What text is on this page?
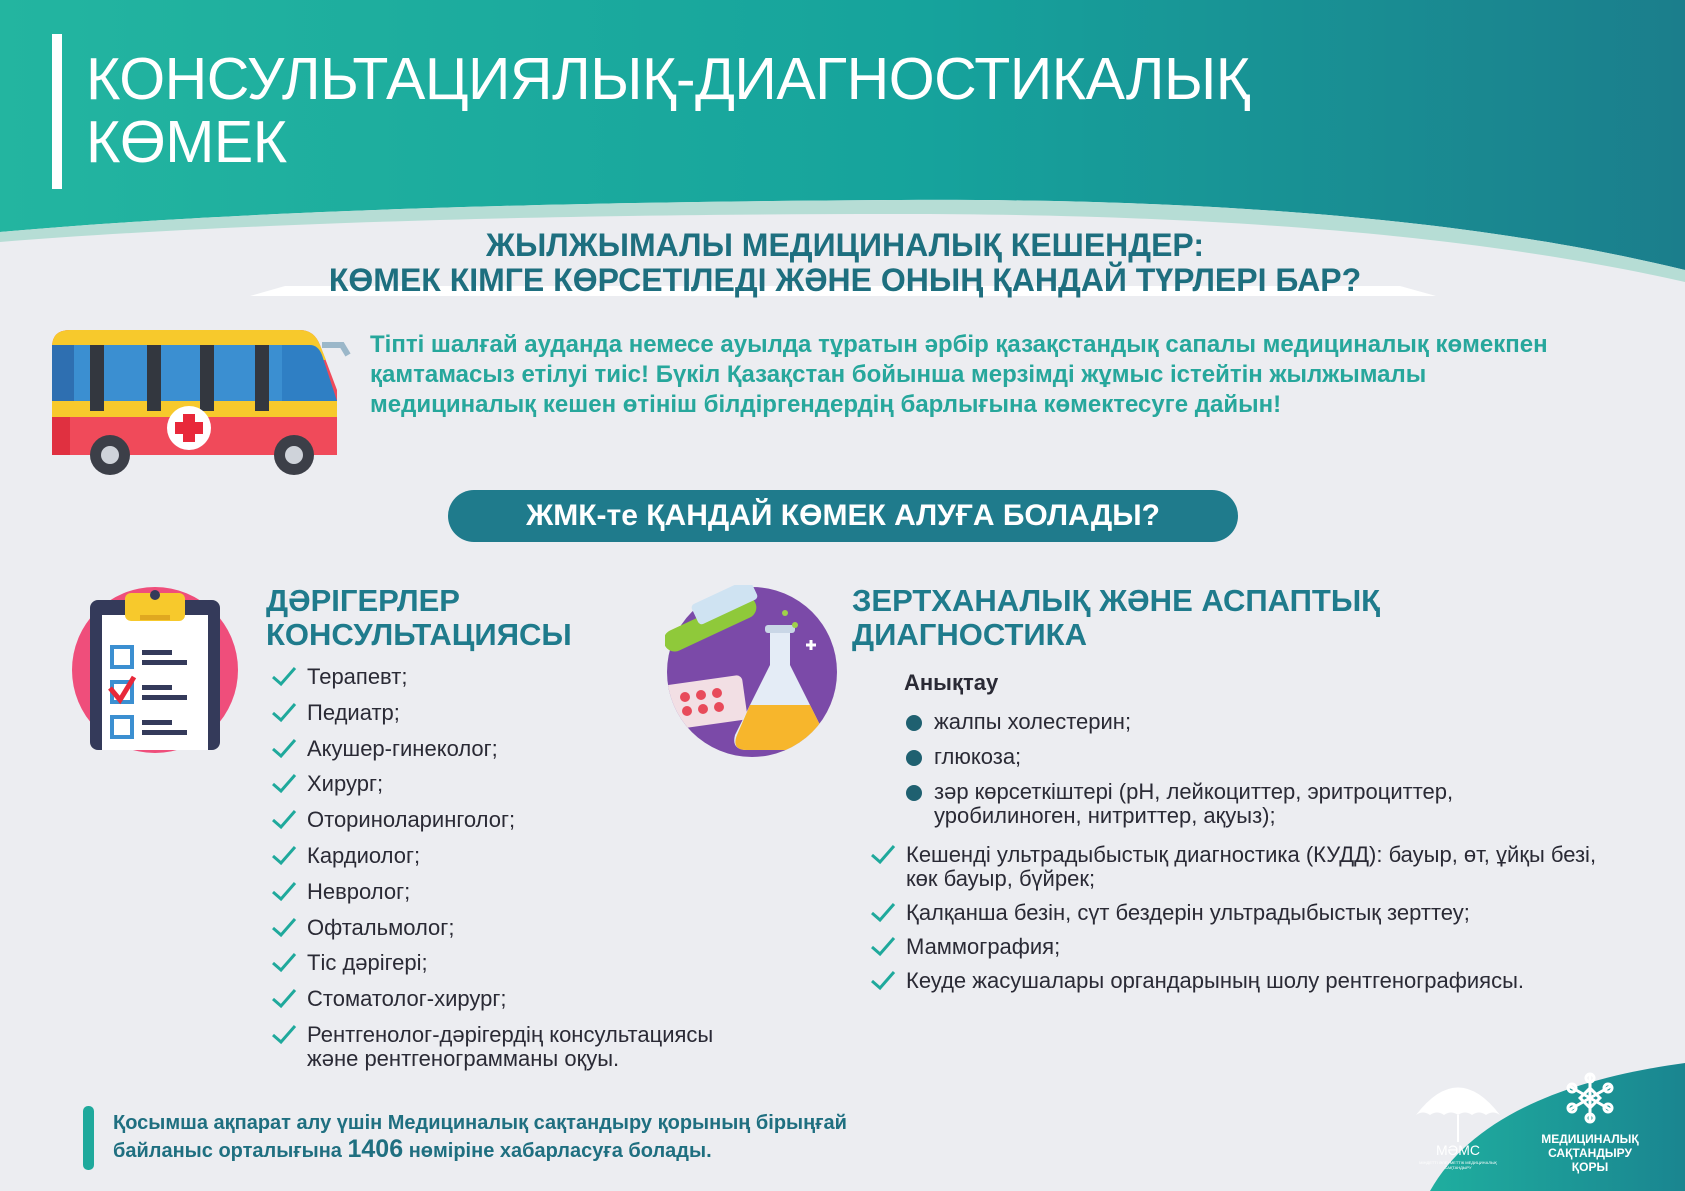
КОНСУЛЬТАЦИЯЛЫҚ-ДИАГНОСТИКАЛЫҚ
КӨМЕК
ЖЫЛЖЫМАЛЫ МЕДИЦИНАЛЫҚ КЕШЕНДЕР:
КӨМЕК КІМГЕ КӨРСЕТІЛЕДІ ЖӘНЕ ОНЫҢ ҚАНДАЙ ТҮРЛЕРІ БАР?
Тіпті шалғай ауданда немесе ауылда тұратын әрбір қазақстандық сапалы медициналық көмекпен қамтамасыз етілуі тиіс! Бүкіл Қазақстан бойынша мерзімді жұмыс істейтін жылжымалы медициналық кешен өтініш білдіргендердің барлығына көмектесуге дайын!
ЖМК-те ҚАНДАЙ КӨМЕК АЛУҒА БОЛАДЫ?
ДӘРІГЕРЛЕР
КОНСУЛЬТАЦИЯСЫ
Терапевт;
Педиатр;
Акушер-гинеколог;
Хирург;
Оториноларинголог;
Кардиолог;
Невролог;
Офтальмолог;
Тіс дәрігері;
Стоматолог-хирург;
Рентгенолог-дәрігердің консультациясы
және рентгенограмманы оқуы.
ЗЕРТХАНАЛЫҚ ЖӘНЕ АСПАПТЫҚ
ДИАГНОСТИКА
Анықтау
жалпы холестерин;
глюкоза;
зәр көрсеткіштері (pH, лейкоциттер, эритроциттер, уробилиноген, нитриттер, ақуыз);
Кешенді ультрадыбыстық диагностика (КУДД): бауыр, өт, ұйқы безі, көк бауыр, бүйрек;
Қалқанша безін, сүт бездерін ультрадыбыстық зерттеу;
Маммография;
Кеуде жасушалары органдарының шолу рентгенографиясы.
Қосымша ақпарат алу үшін Медициналық сақтандыру қорының бірыңғай
байланыс орталығына 1406 нөміріне хабарласуға болады.	МӘМС
МІНДЕТТІ ӘЛЕУМЕТТІК МЕДИЦИНАЛЫҚ САҚТАНДЫРУ
МЕДИЦИНАЛЫҚ
САҚТАНДЫРУ
ҚОРЫ
